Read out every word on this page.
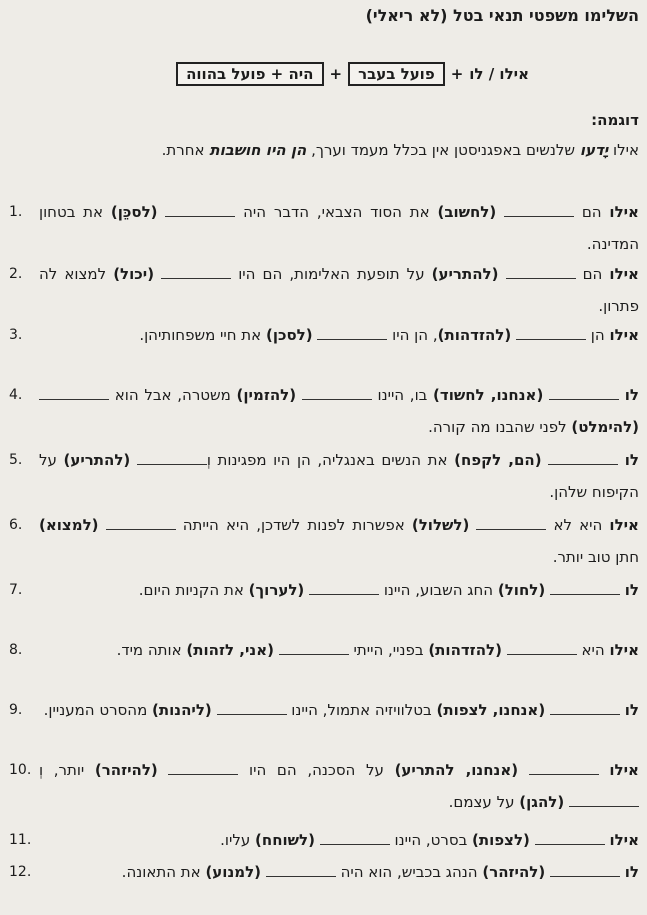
השלימו משפטי תנאי בטל (לא ריאלי)
אילו / לו
+
פועל בעבר
+
היה + פועל בהווה
דוגמה:
אילו יָדעו שלנשים באפגניסטן אין בכלל מעמד וערך, הן היו חושבות אחרת.
אילו הם  (לחשוב) את הסוד הצבאי, הדבר היה  (לסכֵּן) את בטחון המדינה.
1.
אילו הם  (להתריע) על תופעת האלימות, הם היו  (יכול) למצוא לה פתרון.
2.
אילו הן  (להזדהות), הן היו  (לסכן) את חיי משפחותיהן.
3.
לו  (אנחנו, לחשוד) בו, היינו  (להזמין) משטרה, אבל הוא  (להימלט) לפני שהבנו מה קורה.
4.
לו  (הם, לקפח) את הנשים באנגליה, הן היו מפגינות וְ (להתריע) על הקיפוח שלהן.
5.
אילו היא לא  (לשלול) אפשרות לפנות לשדכן, היא הייתה  (למצוא) חתן טוב יותר.
6.
לו  (לחול) החג השבוע, היינו  (לערוך) את הקניות היום.
7.
אילו היא  (להזדהות) בפניי, הייתי  (אני, לזהות) אותה מיד.
8.
לו  (אנחנו, לצפות) בטלוויזיה אתמול, היינו  (ליהנות) מהסרט המעניין.
9.
אילו  (אנחנו, להתריע) על הסכנה, הם היו  (להיזהר) יותר, וְ (להגן) על עצמם.
10.
אילו  (לצפות) בסרט, היינו  (לשוחח) עליו.
11.
לו  (להיזהר) הנהג בכביש, הוא היה  (למנוע) את התאונה.
12.
